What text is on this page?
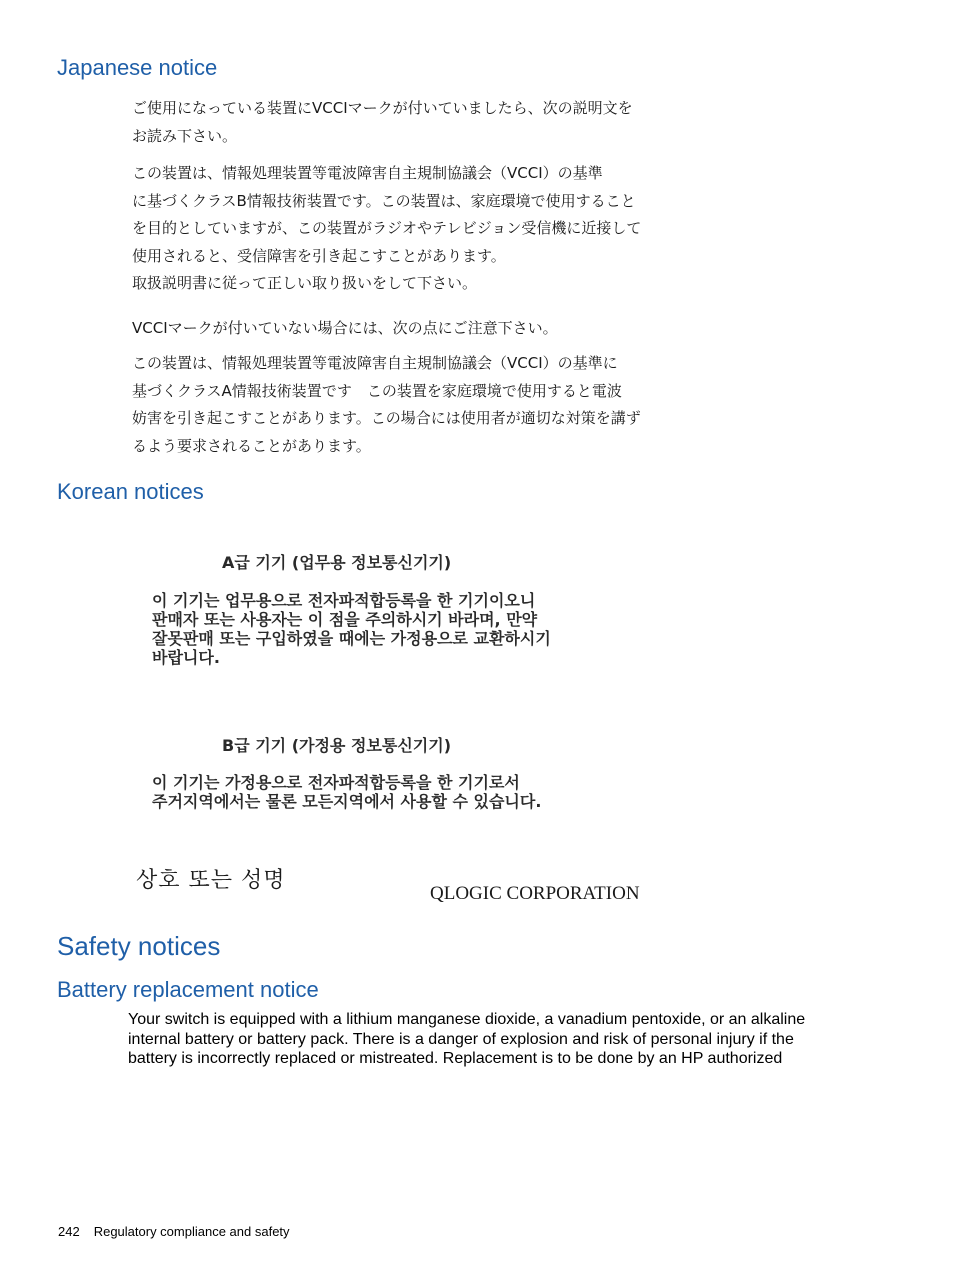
Japanese notice
ご使用になっている装置にVCCIマークが付いていましたら、次の説明文を
お読み下さい。
この装置は、情報処理装置等電波障害自主規制協議会（VCCI）の基準
に基づくクラスB情報技術装置です。この装置は、家庭環境で使用すること
を目的としていますが、この装置がラジオやテレビジョン受信機に近接して
使用されると、受信障害を引き起こすことがあります。
取扱説明書に従って正しい取り扱いをして下さい。
VCCIマークが付いていない場合には、次の点にご注意下さい。
この装置は、情報処理装置等電波障害自主規制協議会（VCCI）の基準に
基づくクラスA情報技術装置です　この装置を家庭環境で使用すると電波
妨害を引き起こすことがあります。この場合には使用者が適切な対策を講ず
るよう要求されることがあります。
Korean notices
A급 기기 (업무용 정보통신기기)
이 기기는 업무용으로 전자파적합등록을 한 기기이오니
판매자 또는 사용자는 이 점을 주의하시기 바라며, 만약
잘못판매 또는 구입하였을 때에는 가정용으로 교환하시기
바랍니다.
B급 기기 (가정용 정보통신기기)
이 기기는 가정용으로 전자파적합등록을 한 기기로서
주거지역에서는 물론 모든지역에서 사용할 수 있습니다.
상호 또는 성명
QLOGIC CORPORATION
Safety notices
Battery replacement notice
Your switch is equipped with a lithium manganese dioxide, a vanadium pentoxide, or an alkaline
internal battery or battery pack. There is a danger of explosion and risk of personal injury if the
battery is incorrectly replaced or mistreated. Replacement is to be done by an HP authorized
242 Regulatory compliance and safety
